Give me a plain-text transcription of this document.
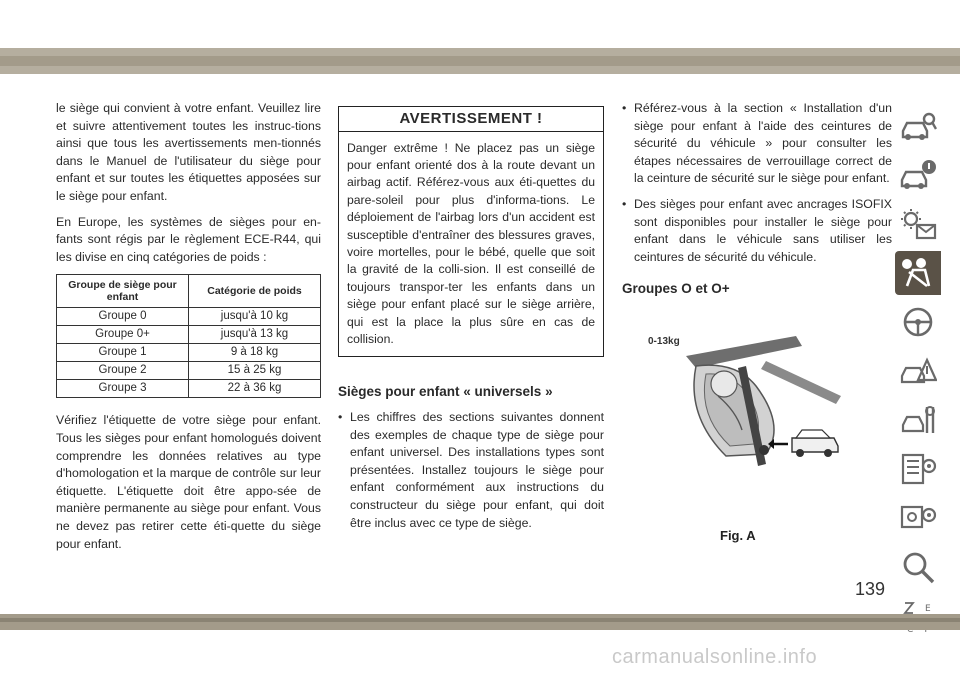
le siège qui convient à votre enfant. Veuillez lire et suivre attentivement toutes les instruc-tions ainsi que tous les avertissements men-tionnés dans le Manuel de l'utilisateur du siège pour enfant et sur toutes les étiquettes apposées sur le siège pour enfant.

En Europe, les systèmes de sièges pour en-fants sont régis par le règlement ECE-R44, qui les divise en cinq catégories de poids :

Groupe de siège pour enfant	Catégorie de poids
Groupe 0	jusqu'à 10 kg
Groupe 0+	jusqu'à 13 kg
Groupe 1	9 à 18 kg
Groupe 2	15 à 25 kg
Groupe 3	22 à 36 kg

Vérifiez l'étiquette de votre siège pour enfant. Tous les sièges pour enfant homologués doivent comprendre les données relatives au type d'homologation et la marque de contrôle sur leur étiquette. L'étiquette doit être appo-sée de manière permanente au siège pour enfant. Vous ne devez pas retirer cette éti-quette du siège pour enfant.

AVERTISSEMENT !
Danger extrême ! Ne placez pas un siège pour enfant orienté dos à la route devant un airbag actif. Référez-vous aux éti-quettes du pare-soleil pour plus d'informa-tions. Le déploiement de l'airbag lors d'un accident est susceptible d'entraîner des blessures graves, voire mortelles, pour le bébé, quelle que soit la gravité de la colli-sion. Il est conseillé de toujours transpor-ter les enfants dans un siège pour enfant placé sur le siège arrière, qui est la place la plus sûre en cas de collision.
Sièges pour enfant « universels »
• Les chiffres des sections suivantes donnent des exemples de chaque type de siège pour enfant universel. Des installations types sont présentées. Installez toujours le siège pour enfant conformément aux instructions du constructeur du siège pour enfant, qui doit être inclus avec ce type de siège.
• Référez-vous à la section « Installation d'un siège pour enfant à l'aide des ceintures de sécurité du véhicule » pour consulter les étapes nécessaires de verrouillage correct de la ceinture de sécurité sur le siège pour enfant.
• Des sièges pour enfant avec ancrages ISOFIX sont disponibles pour installer le siège pour enfant dans le véhicule sans utiliser les ceintures de sécurité du véhicule.
Groupes O et O+
0-13kg
Fig. A
E
139
carmanualsonline.info
